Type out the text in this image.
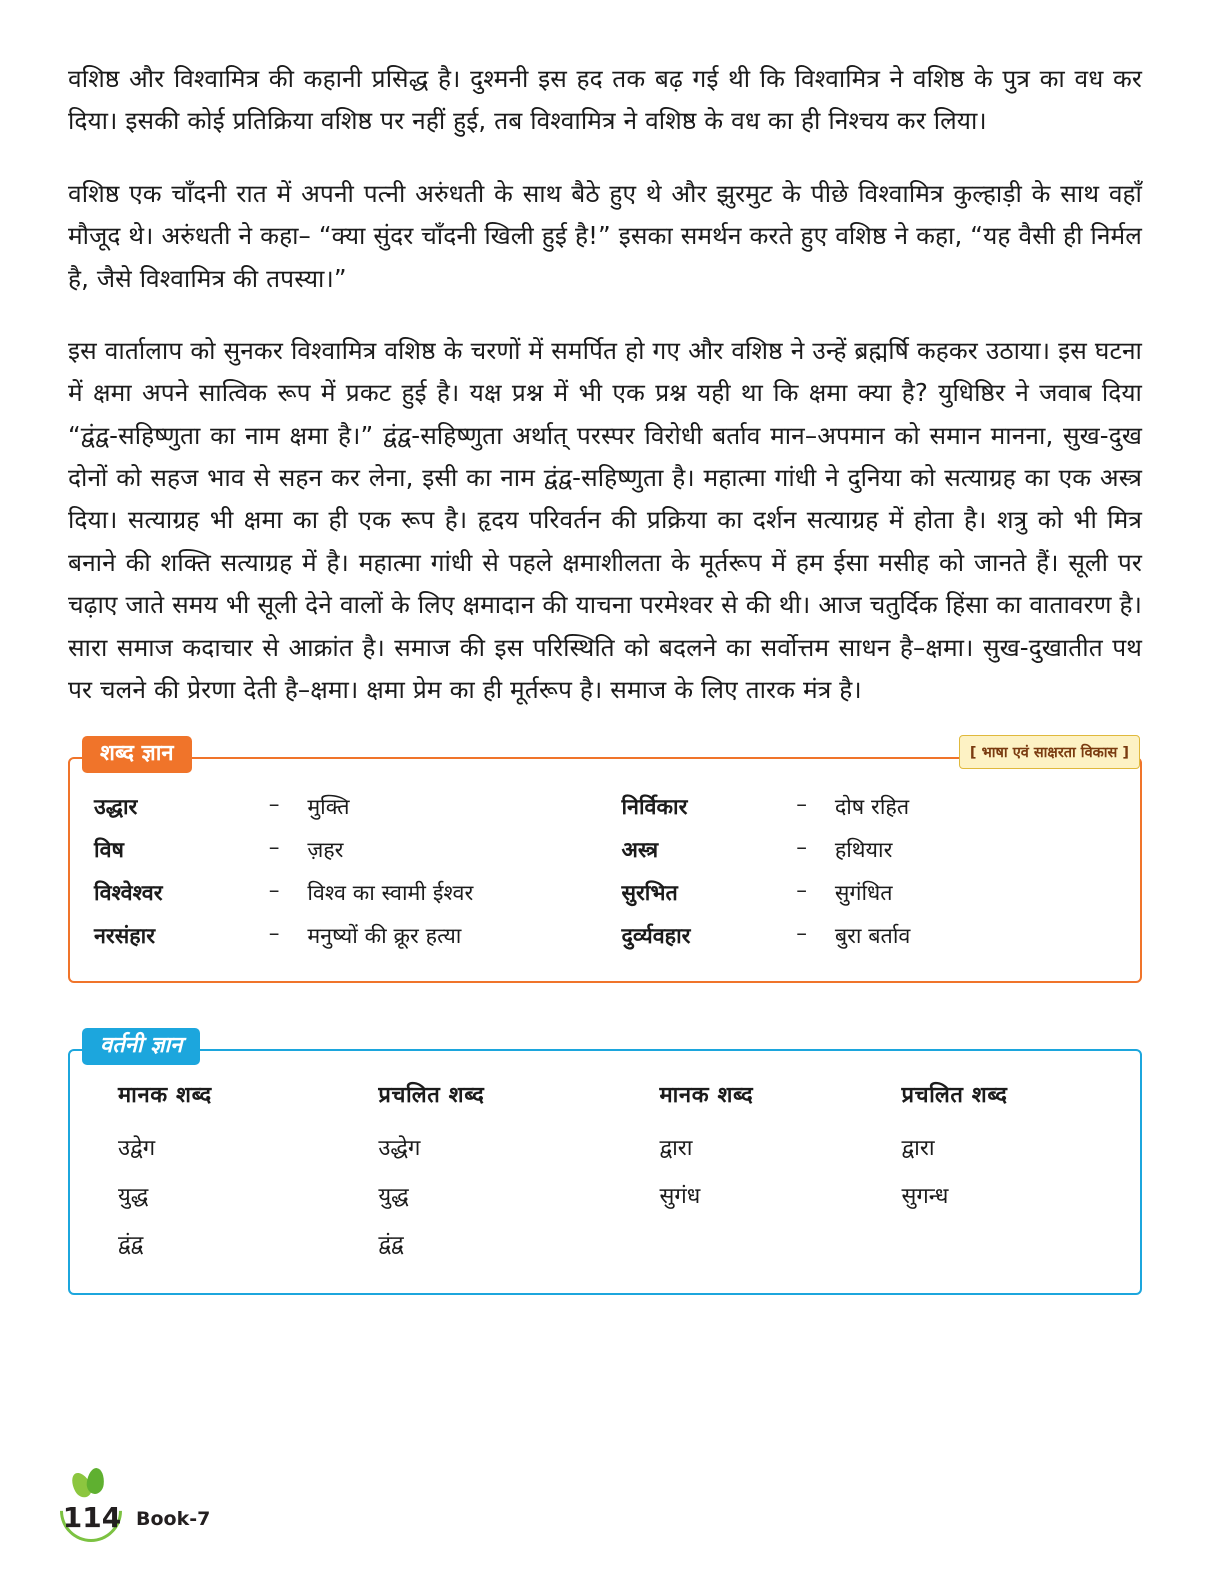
वशिष्ठ और विश्वामित्र की कहानी प्रसिद्ध है। दुश्मनी इस हद तक बढ़ गई थी कि विश्वामित्र ने वशिष्ठ के पुत्र का वध कर दिया। इसकी कोई प्रतिक्रिया वशिष्ठ पर नहीं हुई, तब विश्वामित्र ने वशिष्ठ के वध का ही निश्चय कर लिया।

वशिष्ठ एक चाँदनी रात में अपनी पत्नी अरुंधती के साथ बैठे हुए थे और झुरमुट के पीछे विश्वामित्र कुल्हाड़ी के साथ वहाँ मौजूद थे। अरुंधती ने कहा– “क्या सुंदर चाँदनी खिली हुई है!” इसका समर्थन करते हुए वशिष्ठ ने कहा, “यह वैसी ही निर्मल है, जैसे विश्वामित्र की तपस्या।”

इस वार्तालाप को सुनकर विश्वामित्र वशिष्ठ के चरणों में समर्पित हो गए और वशिष्ठ ने उन्हें ब्रह्मर्षि कहकर उठाया। इस घटना में क्षमा अपने सात्विक रूप में प्रकट हुई है। यक्ष प्रश्न में भी एक प्रश्न यही था कि क्षमा क्या है? युधिष्ठिर ने जवाब दिया “द्वंद्व-सहिष्णुता का नाम क्षमा है।” द्वंद्व-सहिष्णुता अर्थात् परस्पर विरोधी बर्ताव मान–अपमान को समान मानना, सुख-दुख दोनों को सहज भाव से सहन कर लेना, इसी का नाम द्वंद्व-सहिष्णुता है। महात्मा गांधी ने दुनिया को सत्याग्रह का एक अस्त्र दिया। सत्याग्रह भी क्षमा का ही एक रूप है। हृदय परिवर्तन की प्रक्रिया का दर्शन सत्याग्रह में होता है। शत्रु को भी मित्र बनाने की शक्ति सत्याग्रह में है। महात्मा गांधी से पहले क्षमाशीलता के मूर्तरूप में हम ईसा मसीह को जानते हैं। सूली पर चढ़ाए जाते समय भी सूली देने वालों के लिए क्षमादान की याचना परमेश्वर से की थी। आज चतुर्दिक हिंसा का वातावरण है। सारा समाज कदाचार से आक्रांत है। समाज की इस परिस्थिति को बदलने का सर्वोत्तम साधन है–क्षमा। सुख-दुखातीत पथ पर चलने की प्रेरणा देती है–क्षमा। क्षमा प्रेम का ही मूर्तरूप है। समाज के लिए तारक मंत्र है।

शब्द ज्ञान	[ भाषा एवं साक्षरता विकास ]
उद्धार	–	मुक्ति		निर्विकार	–	दोष रहित
विष	–	ज़हर		अस्त्र	–	हथियार
विश्वेश्वर	–	विश्व का स्वामी ईश्वर		सुरभित	–	सुगंधित
नरसंहार	–	मनुष्यों की क्रूर हत्या		दुर्व्यवहार	–	बुरा बर्ताव
वर्तनी ज्ञान
मानक शब्द	प्रचलित शब्द	मानक शब्द	प्रचलित शब्द
उद्वेग	उद्धेग	द्वारा	द्वारा
युद्ध	युद्ध	सुगंध	सुगन्ध
द्वंद्व	द्वंद्व		
114 Book-7
